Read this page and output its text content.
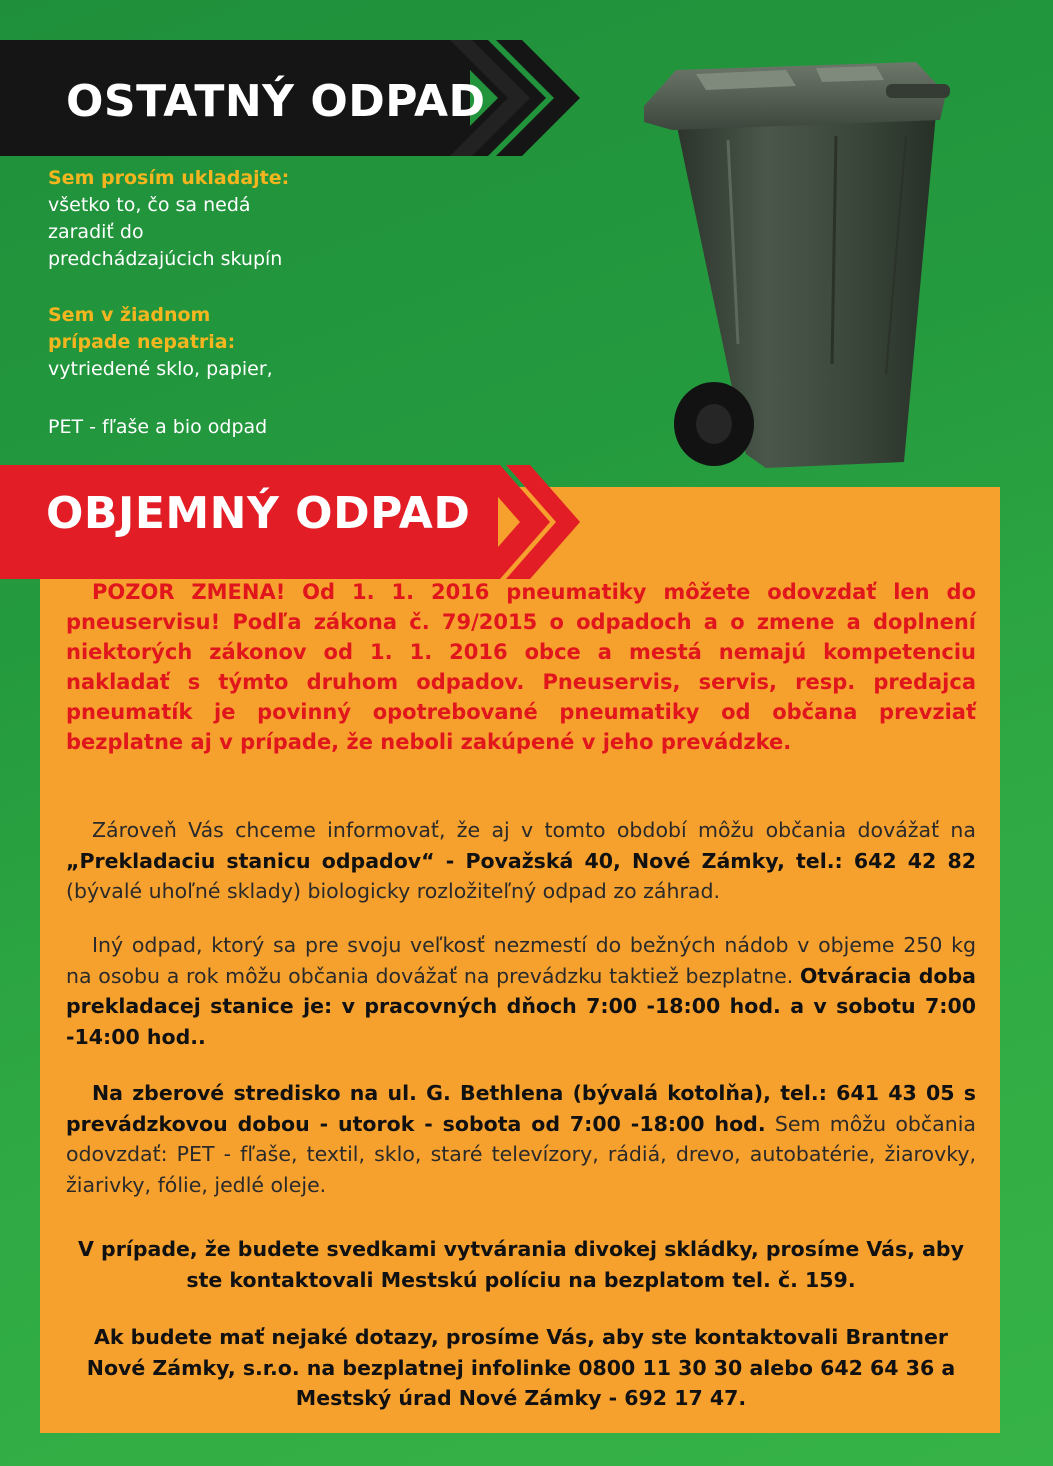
OSTATNÝ ODPAD
Sem prosím ukladajte:
všetko to, čo sa nedá zaradiť do predchádzajúcich skupín
Sem v žiadnom prípade nepatria:
vytriedené sklo, papier,
PET - fľaše a bio odpad
OBJEMNÝ ODPAD
POZOR ZMENA! Od 1. 1. 2016 pneumatiky môžete odovzdať len do pneuservisu! Podľa zákona č. 79/2015 o odpadoch a o zmene a doplnení niektorých zákonov od 1. 1. 2016 obce a mestá nemajú kompetenciu nakladať s týmto druhom odpadov. Pneuservis, servis, resp. predajca pneumatík je povinný opotrebované pneumatiky od občana prevziať bezplatne aj v prípade, že neboli zakúpené v jeho prevádzke.
Zároveň Vás chceme informovať, že aj v tomto období môžu občania dovážať na „Prekladaciu stanicu odpadov“ - Považská 40, Nové Zámky, tel.: 642 42 82 (bývalé uhoľné sklady) biologicky rozložiteľný odpad zo záhrad.
Iný odpad, ktorý sa pre svoju veľkosť nezmestí do bežných nádob v objeme 250 kg na osobu a rok môžu občania dovážať na prevádzku taktiež bezplatne. Otváracia doba prekladacej stanice je: v pracovných dňoch 7:00 -18:00 hod. a v sobotu 7:00 -14:00 hod..
Na zberové stredisko na ul. G. Bethlena (bývalá kotolňa), tel.: 641 43 05 s prevádzkovou dobou - utorok - sobota od 7:00 -18:00 hod. Sem môžu občania odovzdať: PET - fľaše, textil, sklo, staré televízory, rádiá, drevo, autobatérie, žiarovky, žiarivky, fólie, jedlé oleje.
V prípade, že budete svedkami vytvárania divokej skládky, prosíme Vás, aby ste kontaktovali Mestskú políciu na bezplatom tel. č. 159.
Ak budete mať nejaké dotazy, prosíme Vás, aby ste kontaktovali Brantner Nové Zámky, s.r.o. na bezplatnej infolinke 0800 11 30 30 alebo 642 64 36 a Mestský úrad Nové Zámky - 692 17 47.
